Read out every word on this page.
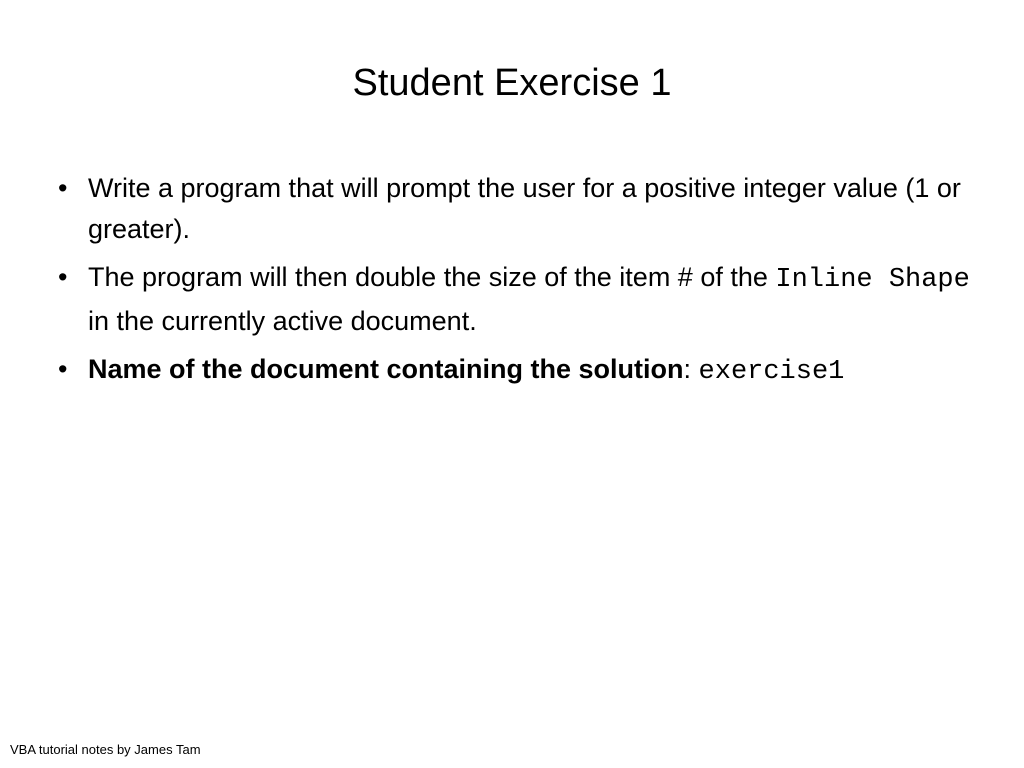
Student Exercise 1
• Write a program that will prompt the user for a positive integer value (1 or greater).
• The program will then double the size of the item # of the Inline Shape in the currently active document.
• Name of the document containing the solution: exercise1
VBA tutorial notes by James Tam
